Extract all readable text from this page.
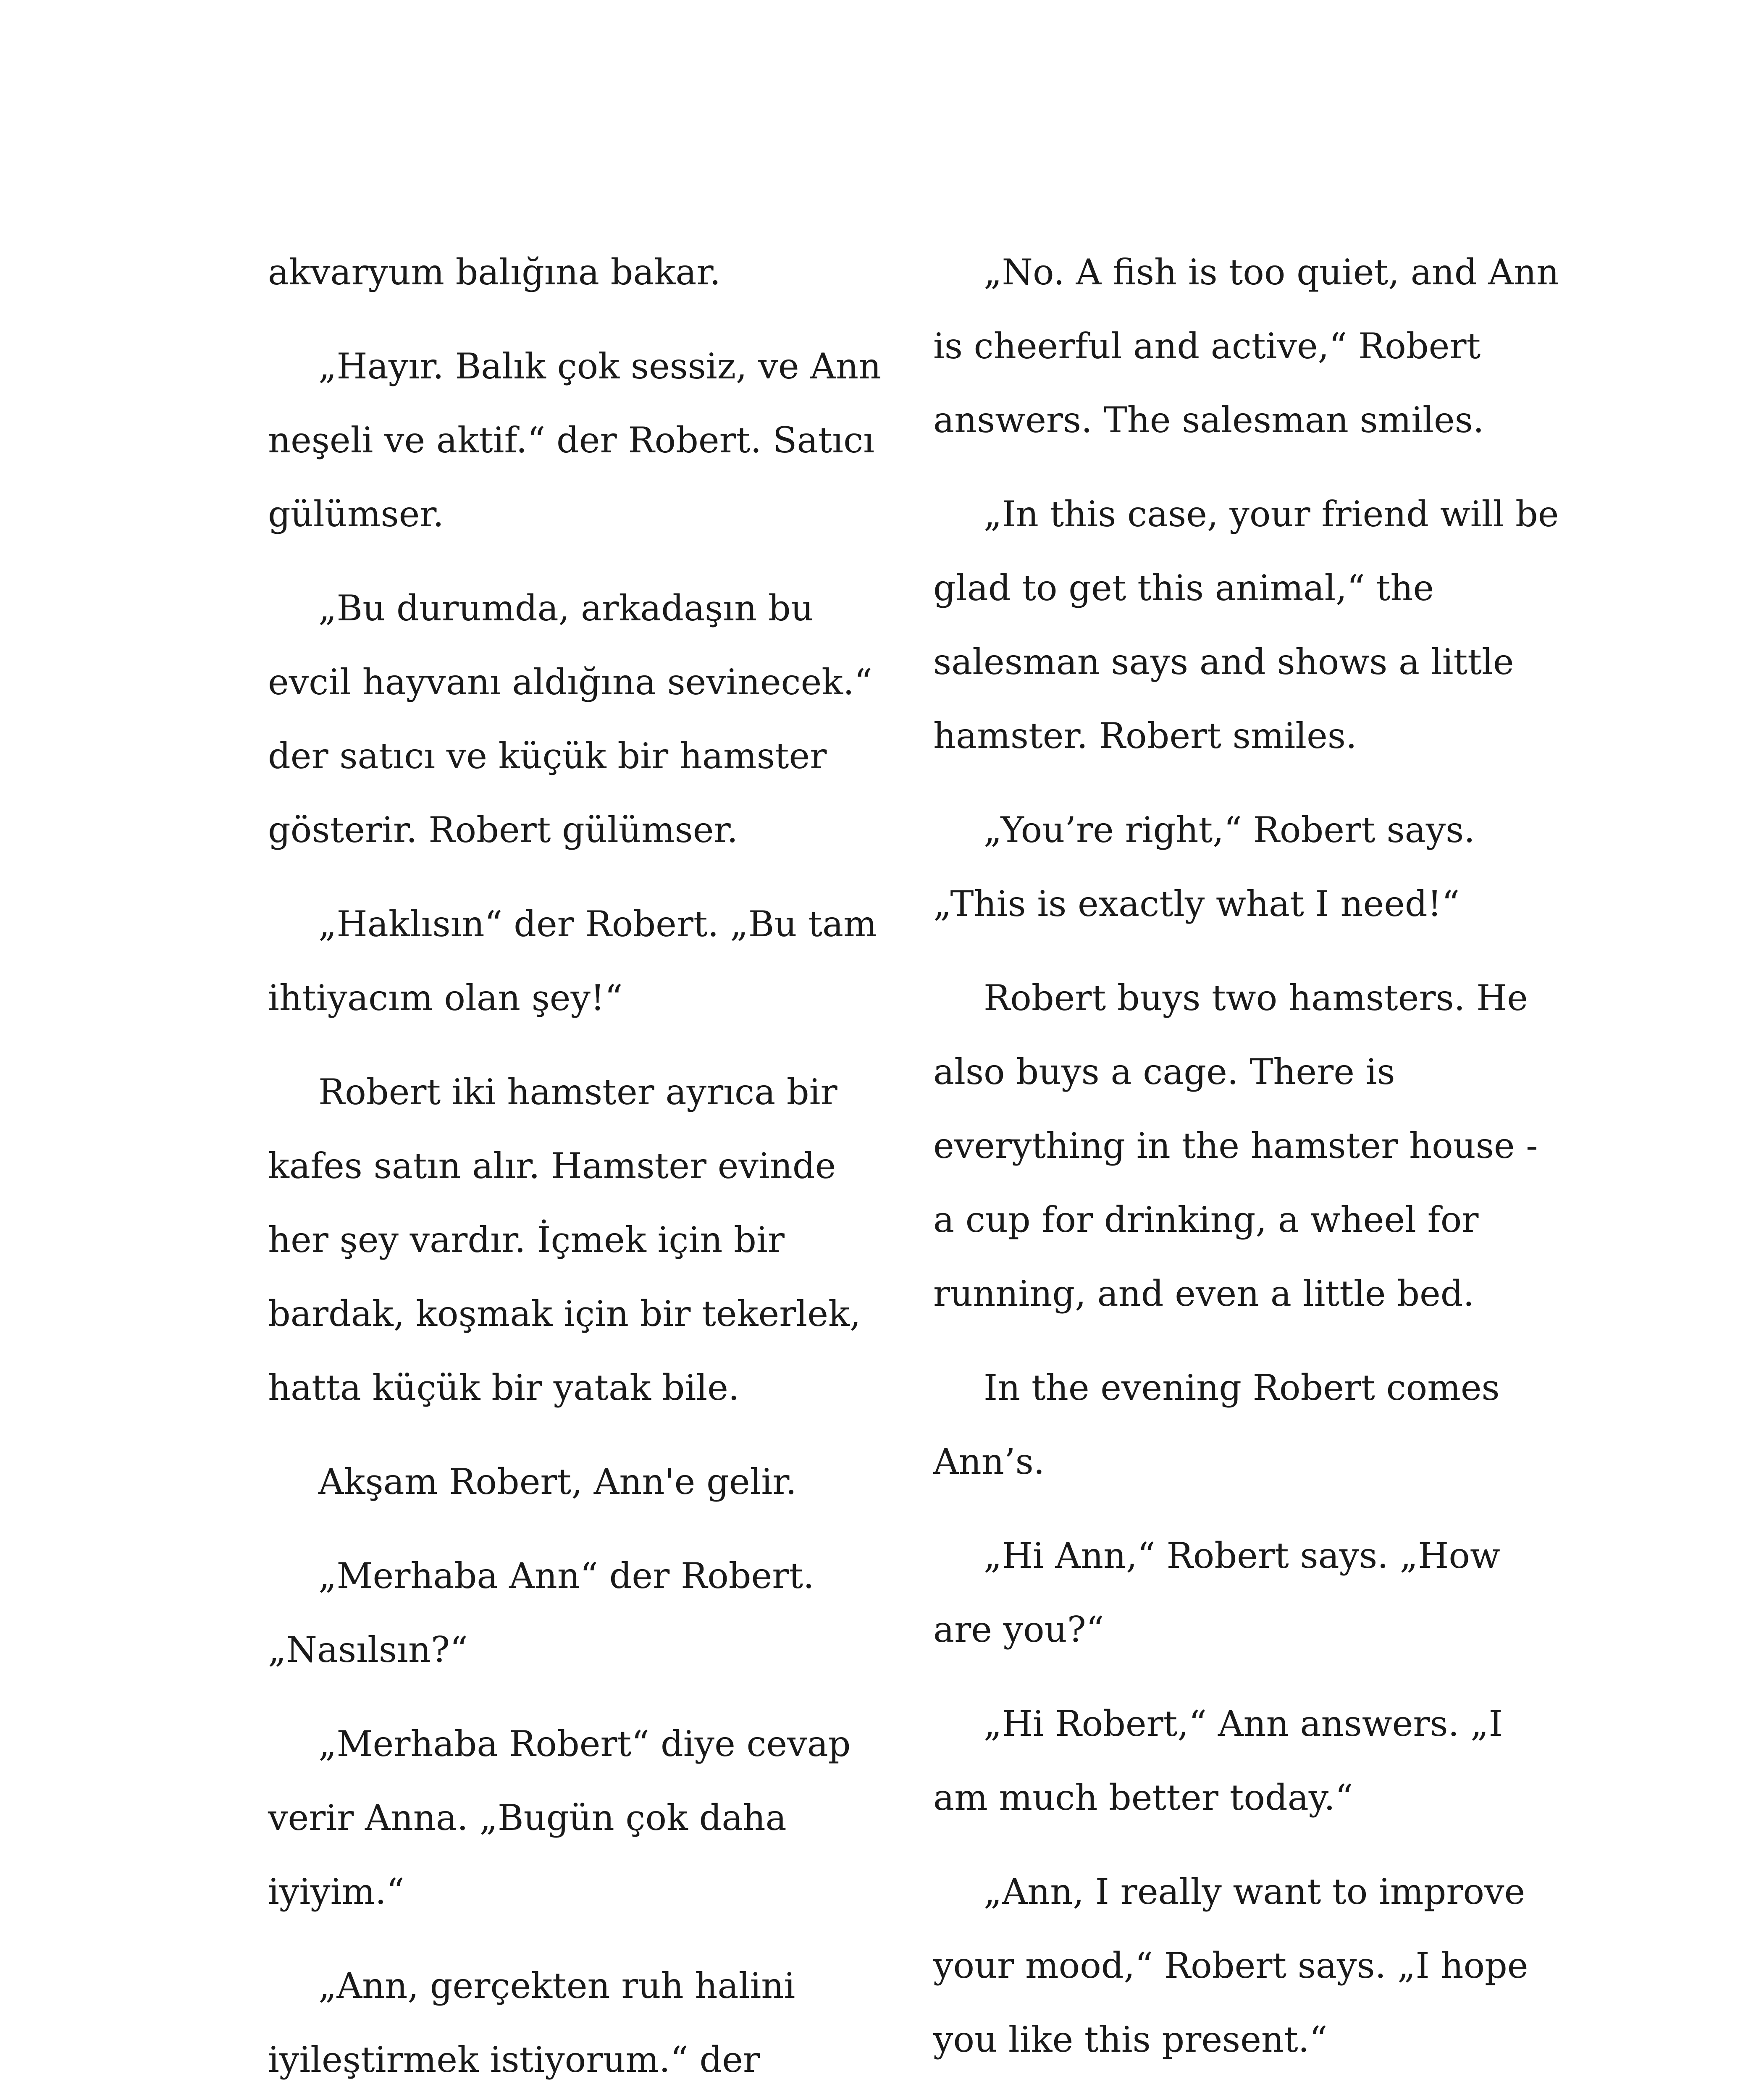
akvaryum balığına bakar.

„Hayır. Balık çok sessiz, ve Ann neşeli ve aktif.“ der Robert. Satıcı gülümser.

„Bu durumda, arkadaşın bu evcil hayvanı aldığına sevinecek.“ der satıcı ve küçük bir hamster gösterir. Robert gülümser.

„Haklısın“ der Robert. „Bu tam ihtiyacım olan şey!“

Robert iki hamster ayrıca bir kafes satın alır. Hamster evinde her şey vardır. İçmek için bir bardak, koşmak için bir tekerlek, hatta küçük bir yatak bile.

Akşam Robert, Ann'e gelir.

„Merhaba Ann“ der Robert. „Nasılsın?“

„Merhaba Robert“ diye cevap verir Anna. „Bugün çok daha iyiyim.“

„Ann, gerçekten ruh halini iyileştirmek istiyorum.“ der

„No. A fish is too quiet, and Ann is cheerful and active,“ Robert answers. The salesman smiles.

„In this case, your friend will be glad to get this animal,“ the salesman says and shows a little hamster. Robert smiles.

„You’re right,“ Robert says. „This is exactly what I need!“

Robert buys two hamsters. He also buys a cage. There is everything in the hamster house - a cup for drinking, a wheel for running, and even a little bed.

In the evening Robert comes Ann’s.

„Hi Ann,“ Robert says. „How are you?“

„Hi Robert,“ Ann answers. „I am much better today.“

„Ann, I really want to improve your mood,“ Robert says. „I hope you like this present.“
